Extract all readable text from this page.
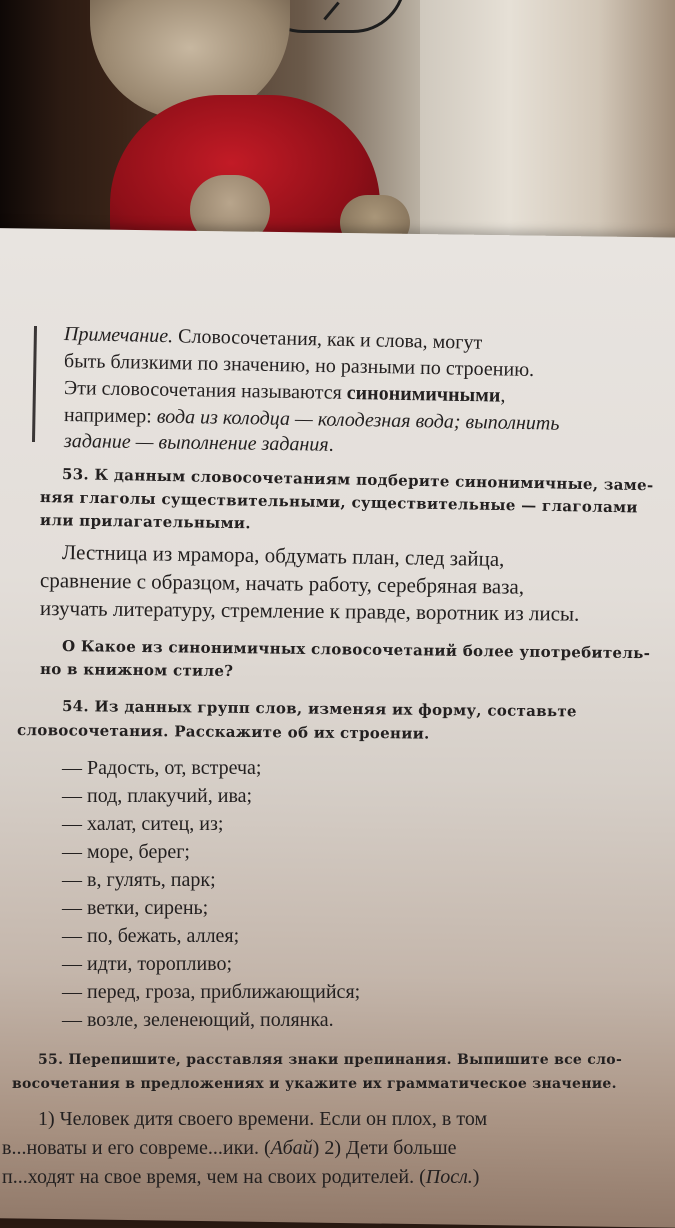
Примечание. Словосочетания, как и слова, могут
быть близкими по значению, но разными по строению.
Эти словосочетания называются синонимичными,
например: вода из колодца — колодезная вода; выполнить
задание — выполнение задания.
53. К данным словосочетаниям подберите синонимичные, заме-
няя глаголы существительными, существительные — глаголами
или прилагательными.
Лестница из мрамора, обдумать план, след зайца,
сравнение с образцом, начать работу, серебряная ваза,
изучать литературу, стремление к правде, воротник из лисы.
О Какое из синонимичных словосочетаний более употребитель-
но в книжном стиле?
54. Из данных групп слов, изменяя их форму, составьте
словосочетания. Расскажите об их строении.
— Радость, от, встреча;
— под, плакучий, ива;
— халат, ситец, из;
— море, берег;
— в, гулять, парк;
— ветки, сирень;
— по, бежать, аллея;
— идти, торопливо;
— перед, гроза, приближающийся;
— возле, зеленеющий, полянка.
55. Перепишите, расставляя знаки препинания. Выпишите все сло-
восочетания в предложениях и укажите их грамматическое значение.
1) Человек дитя своего времени. Если он плох, в том
в...новаты и его совреме...ики. (Абай) 2) Дети больше
п...ходят на свое время, чем на своих родителей. (Посл.)
